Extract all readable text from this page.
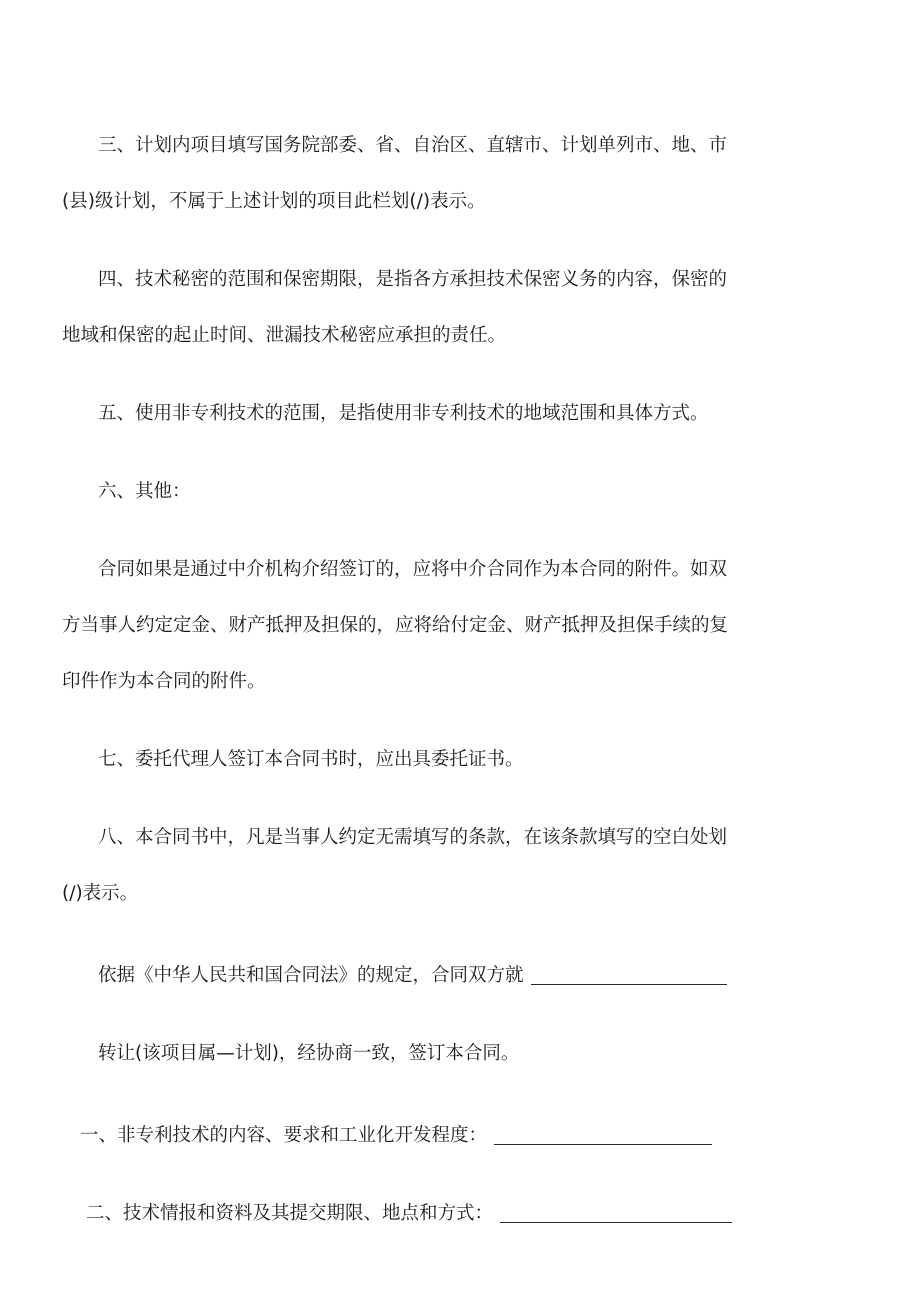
三、计划内项目填写国务院部委、省、自治区、直辖市、计划单列市、地、市
(县)级计划，不属于上述计划的项目此栏划(/)表示。
四、技术秘密的范围和保密期限，是指各方承担技术保密义务的内容，保密的
地域和保密的起止时间、泄漏技术秘密应承担的责任。
五、使用非专利技术的范围，是指使用非专利技术的地域范围和具体方式。
六、其他：
合同如果是通过中介机构介绍签订的，应将中介合同作为本合同的附件。如双
方当事人约定定金、财产抵押及担保的，应将给付定金、财产抵押及担保手续的复
印件作为本合同的附件。
七、委托代理人签订本合同书时，应出具委托证书。
八、本合同书中，凡是当事人约定无需填写的条款，在该条款填写的空白处划
(/)表示。
依据《中华人民共和国合同法》的规定，合同双方就
转让(该项目属—计划)，经协商一致，签订本合同。
一、非专利技术的内容、要求和工业化开发程度：
二、技术情报和资料及其提交期限、地点和方式：
